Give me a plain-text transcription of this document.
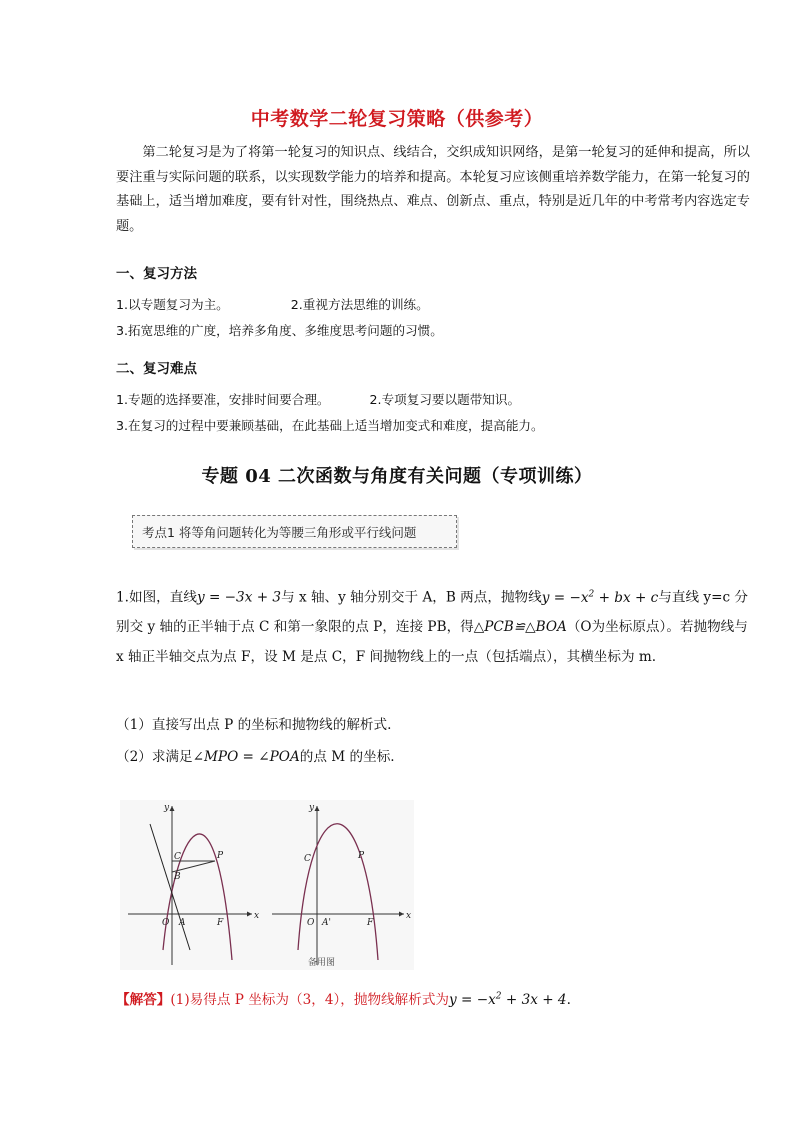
中考数学二轮复习策略（供参考）
第二轮复习是为了将第一轮复习的知识点、线结合，交织成知识网络，是第一轮复习的延伸和提高，所以要注重与实际问题的联系，以实现数学能力的培养和提高。本轮复习应该侧重培养数学能力，在第一轮复习的基础上，适当增加难度，要有针对性，围绕热点、难点、创新点、重点，特别是近几年的中考常考内容选定专题。
一、复习方法
1.以专题复习为主。	2.重视方法思维的训练。
3.拓宽思维的广度，培养多角度、多维度思考问题的习惯。
二、复习难点
1.专题的选择要准，安排时间要合理。	2.专项复习要以题带知识。
3.在复习的过程中要兼顾基础，在此基础上适当增加变式和难度，提高能力。
专题 04 二次函数与角度有关问题（专项训练）
考点1 将等角问题转化为等腰三角形或平行线问题
1.如图，直线y = −3x + 3与 x 轴、y 轴分别交于 A，B 两点，抛物线$y = -x^2$ + bx + c与直线 y=c 分别交 y 轴的正半轴于点 C 和第一象限的点 P，连接 PB，得△PCB≌△BOA（O为坐标原点）。若抛物线与 x 轴正半轴交点为点 F，设 M 是点 C，F 间抛物线上的一点（包括端点），其横坐标为 m.
（1）直接写出点 P 的坐标和抛物线的解析式.
（2）求满足∠MPO = ∠POA的点 M 的坐标.
y
x
O A
B
C	P
F
y
x
O A'
C	P
F
备用图
【解答】(1)易得点 P 坐标为（3，4），抛物线解析式为$y = -x^2 + 3x + 4$.
